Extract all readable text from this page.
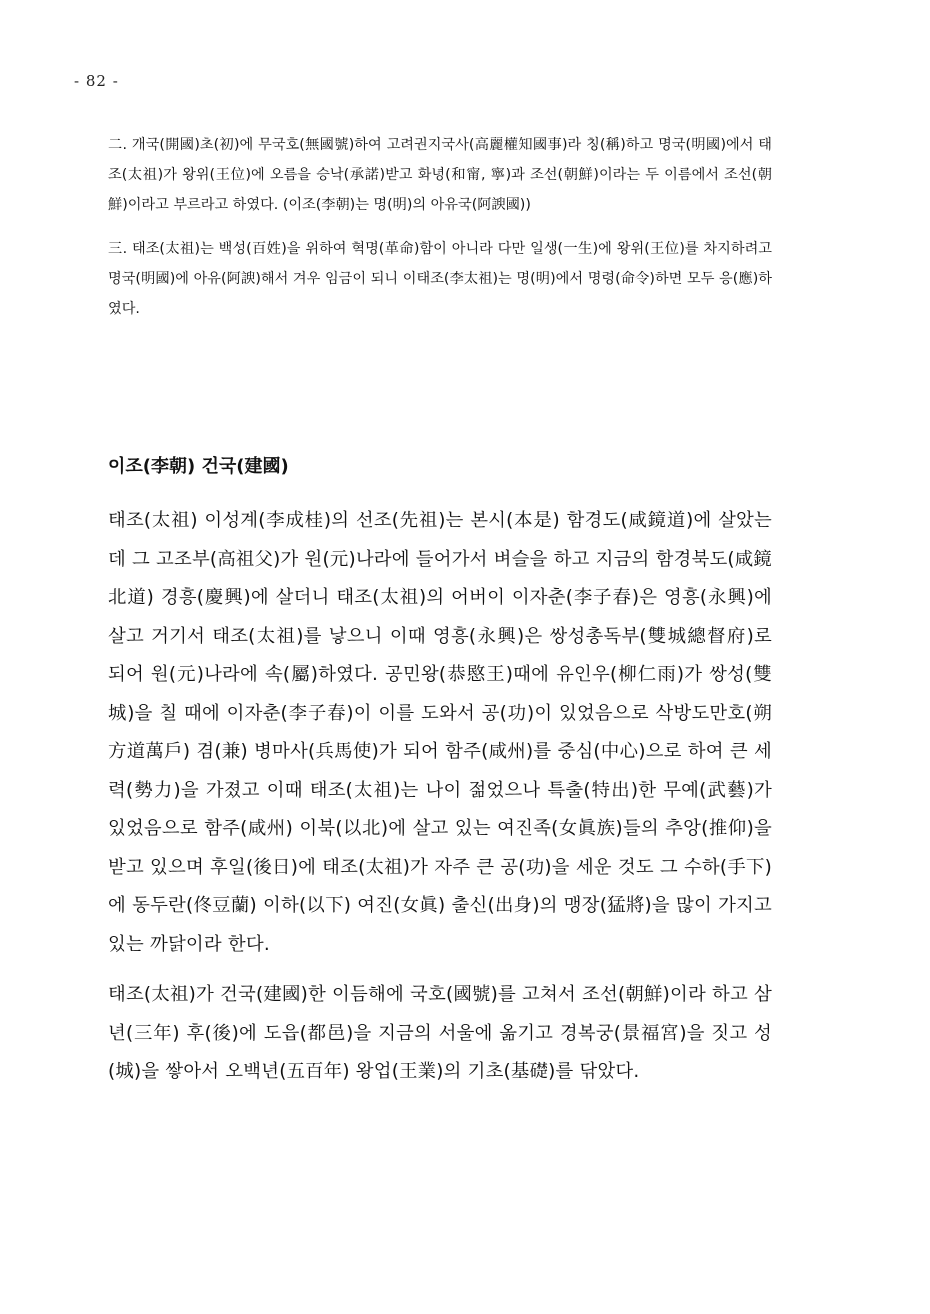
- 82 -

二. 개국(開國)초(初)에 무국호(無國號)하여 고려권지국사(高麗權知國事)라 칭(稱)하고 명국(明國)에서 태조(太祖)가 왕위(王位)에 오름을 승낙(承諾)받고 화녕(和甯, 寧)과 조선(朝鮮)이라는 두 이름에서 조선(朝鮮)이라고 부르라고 하였다. (이조(李朝)는 명(明)의 아유국(阿諛國))

三. 태조(太祖)는 백성(百姓)을 위하여 혁명(革命)함이 아니라 다만 일생(一生)에 왕위(王位)를 차지하려고 명국(明國)에 아유(阿諛)해서 겨우 임금이 되니 이태조(李太祖)는 명(明)에서 명령(命令)하면 모두 응(應)하였다.

이조(李朝) 건국(建國)

태조(太祖) 이성계(李成桂)의 선조(先祖)는 본시(本是) 함경도(咸鏡道)에 살았는데 그 고조부(高祖父)가 원(元)나라에 들어가서 벼슬을 하고 지금의 함경북도(咸鏡北道) 경흥(慶興)에 살더니 태조(太祖)의 어버이 이자춘(李子春)은 영흥(永興)에 살고 거기서 태조(太祖)를 낳으니 이때 영흥(永興)은 쌍성총독부(雙城總督府)로 되어 원(元)나라에 속(屬)하였다. 공민왕(恭愍王)때에 유인우(柳仁雨)가 쌍성(雙城)을 칠 때에 이자춘(李子春)이 이를 도와서 공(功)이 있었음으로 삭방도만호(朔方道萬戶) 겸(兼) 병마사(兵馬使)가 되어 함주(咸州)를 중심(中心)으로 하여 큰 세력(勢力)을 가졌고 이때 태조(太祖)는 나이 젊었으나 특출(特出)한 무예(武藝)가 있었음으로 함주(咸州) 이북(以北)에 살고 있는 여진족(女眞族)들의 추앙(推仰)을 받고 있으며 후일(後日)에 태조(太祖)가 자주 큰 공(功)을 세운 것도 그 수하(手下)에 동두란(佟豆蘭) 이하(以下) 여진(女眞) 출신(出身)의 맹장(猛將)을 많이 가지고 있는 까닭이라 한다.

태조(太祖)가 건국(建國)한 이듬해에 국호(國號)를 고쳐서 조선(朝鮮)이라 하고 삼년(三年) 후(後)에 도읍(都邑)을 지금의 서울에 옮기고 경복궁(景福宮)을 짓고 성(城)을 쌓아서 오백년(五百年) 왕업(王業)의 기초(基礎)를 닦았다.
